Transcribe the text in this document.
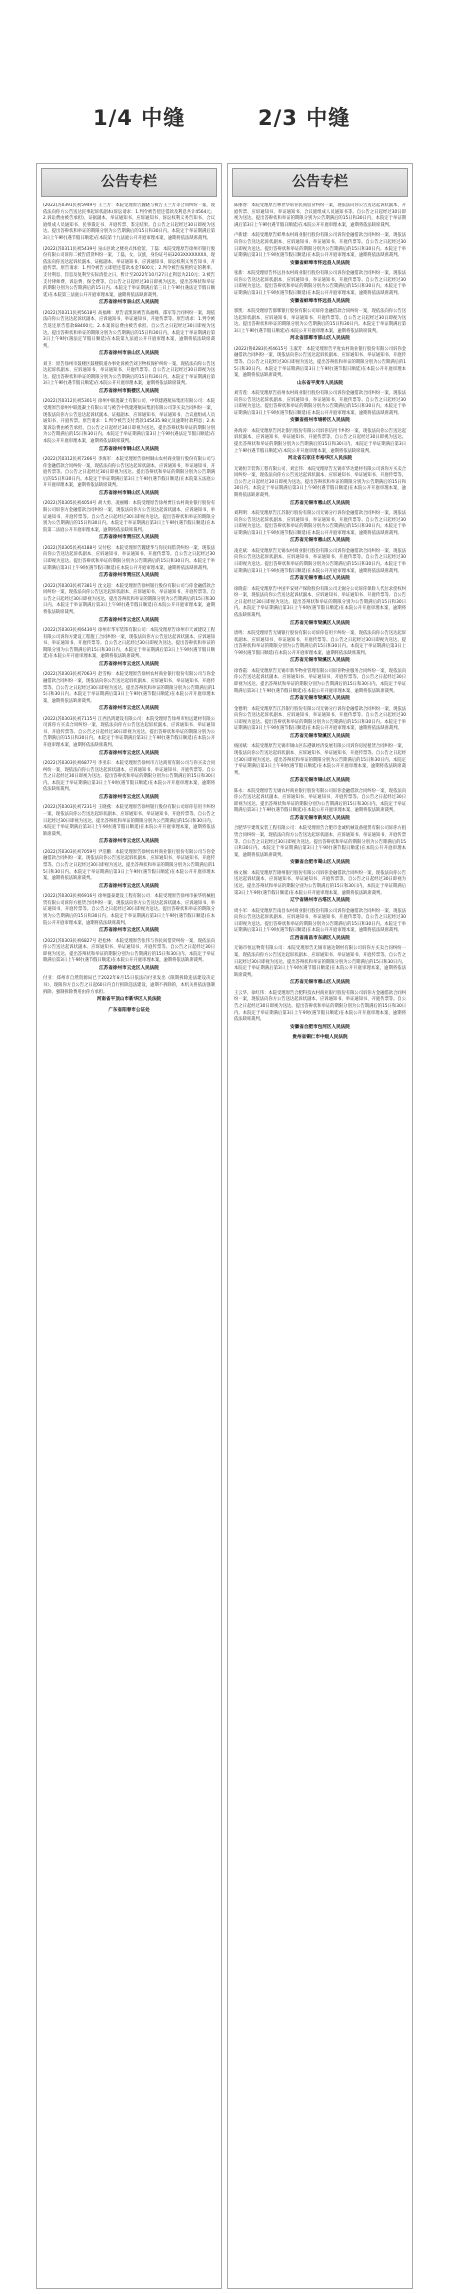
1/4 中缝	2/3 中缝
公告专栏

(2022)苏0391民初5949号 王兰芳：本院受理原告魏晓与被告王兰芳等合同纠纷一案，现依法向你方公告送达民事起诉状副本(诉讼请求：1.判令被告偿还借款及利息共计4564元；2.诉讼费由被告承担)、证据副本、举证通知书、应诉通知书、诉讼权利义务告知书、合议庭组成人员通知书、民事裁定书、开庭传票、鉴定结果。自公告之日起经过30日即视为送达。提出答辩状和举证的期限分别为公告期满后的15日和30日内。本院定于举证期满后第3日上午9时(遇节假日顺延)在本院第十九法庭公开开庭审理本案，逾期将依法缺席裁判。

(2022)苏0311民初5439号 泉山区欧之楼亮式体验馆、丁磊：本院受理原告徐州市银行股份有限公司诉你二被告借贷纠纷一案，丁磊，女，汉族，身份证号码3203XXXXXXXX，现依法向你送达起诉状副本、证据副本、举证通知书、应诉通知书、诉讼权利义务告知书、开庭传票。原告请求：1.判令被告立即偿还借款本金7600元；2.判令被告按照约定的利率、支付利息、罚息及复利至实际清偿之日，暂计至2022年10月27日止利息为210元；3.被告支付律师费、诉讼费、保全费等。自公告之日起经过30日即视为送达。提出答辩状和举证的期限分别为公告期满后的15日内。本院定于举证期满后第三日上午9时(遇法定节假日顺延)在本院第三法庭公开开庭审理本案，逾期将依法缺席裁判。

江苏省徐州市泉山区人民法院

(2022)苏0311民初5618号 高福峰：原告袁凯诉被告高福峰、邵军等合同纠纷一案，现依法向你公告送达起诉状副本、应诉通知书、举证通知书、开庭传票等。原告请求：1.判令被告返还原告借款68400元；2.本案诉讼费由被告承担。自公告之日起经过30日即视为送达。提出答辩状和举证的期限分别为公告期满后的15日和30日内。本院定于举证期满后第3日上午9时(遇法定节假日顺延)在本院第九法庭公开开庭审理本案，逾期将依法缺席裁判。

江苏省徐州市泉山区人民法院

刘卫：原告徐州市鼓楼区鼓楼街道办事处诉被告刘卫物权保护纠纷一案，现依法向你公告送达起诉状副本、应诉通知书、举证通知书、开庭传票等。自公告之日起经过30日即视为送达。提出答辩状和举证的期限分别为公告期满后的15日和30日内。本院定于举证期满后第3日上午9时(遇节假日顺延)在本院公开开庭审理本案，逾期将依法缺席裁判。

江苏省徐州市鼓楼区人民法院

(2022)苏0312民初5301号 徐州中联混凝土有限公司、中铁建港航局集团有限公司：本院受理原告徐州中联混凝土有限公司与被告中铁建港航局集团有限公司等买卖合同纠纷一案，现依法向你方公告送达起诉状副本、证据副本、应诉通知书、举证通知书、合议庭组成人员通知书、开庭传票。原告请求：1.判令被告支付货款145435.98元及逾期付款利息；2.本案诉讼费由被告承担。自公告之日起经过30日即视为送达。提出答辩状和举证的期限分别为公告期满后的15日和30日内。本院定于举证期满后第3日上午9时(遇法定节假日顺延)在本院公开开庭审理本案，逾期将依法缺席裁判。

江苏省徐州市铜山区人民法院

(2022)苏0312民初7266号 李海军：本院受理原告徐州铜山农村商业银行股份有限公司与你金融借款合同纠纷一案，现依法向你公告送达起诉状副本、应诉通知书、举证通知书、开庭传票等。自公告之日起经过30日即视为送达。提出答辩状和举证的期限分别为公告期满后的15日和30日内。本院定于举证期满后第3日上午9时(遇节假日顺延)在本院第五法庭公开开庭审理本案，逾期将依法缺席裁判。

江苏省徐州市铜山区人民法院

(2022)苏0305民初4054号 胡大勇、凌丽娜：本院受理原告徐州贾汪农村商业银行股份有限公司诉你方金融借款合同纠纷一案，现依法向你方公告送达起诉状副本、应诉通知书、举证通知书、开庭传票等。自公告之日起经过30日即视为送达。提出答辩状和举证的期限分别为公告期满后的15日和30日内。本院定于举证期满后第3日上午9时(遇节假日顺延)在本院第二法庭公开开庭审理本案，逾期将依法缺席裁判。

江苏省徐州市贾汪区人民法院

(2022)苏0305民初4188号 吴付松：本院受理原告魏建华与你民间借贷纠纷一案，现依法向你公告送达起诉状副本、应诉通知书、举证通知书、开庭传票等。自公告之日起经过30日即视为送达。提出答辩状和举证的期限分别为公告期满后的15日和30日内。本院定于举证期满后第3日上午9时(遇节假日顺延)在本院公开开庭审理本案，逾期将依法缺席裁判。

江苏省徐州市贾汪区人民法院

(2022)苏0303民初7381号 沈文超：本院受理原告徐州银行股份有限公司与你金融借款合同纠纷一案，现依法向你公告送达起诉状副本、应诉通知书、举证通知书、开庭传票等。自公告之日起经过30日即视为送达。提出答辩状和举证的期限分别为公告期满后的15日和30日内。本院定于举证期满后第3日上午9时(遇节假日顺延)在本院公开开庭审理本案，逾期将依法缺席裁判。

江苏省徐州市云龙区人民法院

(2022)苏0303民初6430号 徐州市华军装饰有限公司：本院受理原告徐州市天诚建设工程有限公司诉你方建设工程施工合同纠纷一案，现依法向你方公告送达起诉状副本、应诉通知书、举证通知书、开庭传票等。自公告之日起经过30日即视为送达。提出答辩状和举证的期限分别为公告期满后的15日和30日内。本院定于举证期满后第3日上午9时(遇节假日顺延)在本院公开开庭审理本案，逾期将依法缺席裁判。

江苏省徐州市云龙区人民法院

(2022)苏0303民初7063号 赵雪梅：本院受理原告徐州农村商业银行股份有限公司与你金融借款合同纠纷一案，现依法向你公告送达起诉状副本、应诉通知书、举证通知书、开庭传票等。自公告之日起经过30日即视为送达。提出答辩状和举证的期限分别为公告期满后的15日和30日内。本院定于举证期满后第3日上午9时(遇节假日顺延)在本院公开开庭审理本案，逾期将依法缺席裁判。

江苏省徐州市云龙区人民法院

(2022)苏0303民初7115号 江西昌鸿建设有限公司：本院受理原告徐州市恒远建材有限公司诉你方买卖合同纠纷一案，现依法向你方公告送达起诉状副本、应诉通知书、举证通知书、开庭传票等。自公告之日起经过30日即视为送达。提出答辩状和举证的期限分别为公告期满后的15日和30日内。本院定于举证期满后第3日上午9时(遇节假日顺延)在本院公开开庭审理本案，逾期将依法缺席裁判。

江苏省徐州市云龙区人民法院

(2022)苏0303民初6877号 李亚东：本院受理原告徐州市万达商贸有限公司与你买卖合同纠纷一案，现依法向你公告送达起诉状副本、应诉通知书、举证通知书、开庭传票等。自公告之日起经过30日即视为送达。提出答辩状和举证的期限分别为公告期满后的15日和30日内。本院定于举证期满后第3日上午9时(遇节假日顺延)在本院公开开庭审理本案，逾期将依法缺席裁判。

江苏省徐州市云龙区人民法院

(2022)苏0303民初7231号 王晓燕：本院受理原告徐州银行股份有限公司诉你信用卡纠纷一案，现依法向你公告送达起诉状副本、应诉通知书、举证通知书、开庭传票等。自公告之日起经过30日即视为送达。提出答辩状和举证的期限分别为公告期满后的15日和30日内。本院定于举证期满后第3日上午9时(遇节假日顺延)在本院公开开庭审理本案，逾期将依法缺席裁判。

江苏省徐州市云龙区人民法院

(2022)苏0303民初7059号 尹浩鹏：本院受理原告徐州农村商业银行股份有限公司与你金融借款合同纠纷一案，现依法向你公告送达起诉状副本、应诉通知书、举证通知书、开庭传票等。自公告之日起经过30日即视为送达。提出答辩状和举证的期限分别为公告期满后的15日和30日内。本院定于举证期满后第3日上午9时(遇节假日顺延)在本院公开开庭审理本案，逾期将依法缺席裁判。

江苏省徐州市云龙区人民法院

(2022)苏0303民初6916号 徐州盛泰建设工程有限公司：本院受理原告徐州市振华机械租赁有限公司诉你方租赁合同纠纷一案，现依法向你方公告送达起诉状副本、应诉通知书、举证通知书、开庭传票等。自公告之日起经过30日即视为送达。提出答辩状和举证的期限分别为公告期满后的15日和30日内。本院定于举证期满后第3日上午9时(遇节假日顺延)在本院公开开庭审理本案，逾期将依法缺席裁判。

江苏省徐州市云龙区人民法院

(2022)苏0303民初6827号 赵松林：本院受理原告张伟与你民间借贷纠纷一案，现依法向你公告送达起诉状副本、应诉通知书、举证通知书、开庭传票等。自公告之日起经过30日即视为送达。提出答辩状和举证的期限分别为公告期满后的15日和30日内。本院定于举证期满后第3日上午9时(遇节假日顺延)在本院公开开庭审理本案，逾期将依法缺席裁判。

江苏省徐州市云龙区人民法院

付亚：郑州市自然资源局已于2022年8月15日依法向付亚发出《限期拆除违法建设决定书》，现限你方自公告之日起60日内自行拆除违法建设，逾期不拆除的，本机关将依法强制拆除，强制拆除费用由你方承担。

河南省平顶山市新华区人民法院
广东省阳春市公证处
公告专栏

陈丽春：本院受理原告林世华诉你民间借贷纠纷一案，现依法向你公告送达起诉状副本、开庭传票、应诉通知书、举证通知书、合议庭组成人员通知书等。自公告之日起经过30日即视为送达。提出答辩状和举证的期限分别为公告期满后的15日和30日内。本院定于举证期满后第3日上午9时(遇节假日顺延)在本院公开开庭审理本案，逾期将依法缺席裁判。

卢新建：本院受理原告蚌埠农村商业银行股份有限公司诉你金融借款合同纠纷一案，现依法向你公告送达起诉状副本、应诉通知书、举证通知书、开庭传票等。自公告之日起经过30日即视为送达。提出答辩状和举证的期限分别为公告期满后的15日和30日内。本院定于举证期满后第3日上午9时(遇节假日顺延)在本院公开开庭审理本案，逾期将依法缺席裁判。

安徽省蚌埠市怀远县人民法院

张新：本院受理原告怀远县农村商业银行股份有限公司诉你金融借款合同纠纷一案，现依法向你公告送达起诉状副本、应诉通知书、举证通知书、开庭传票等。自公告之日起经过30日即视为送达。提出答辩状和举证的期限分别为公告期满后的15日和30日内。本院定于举证期满后第3日上午9时(遇节假日顺延)在本院公开开庭审理本案，逾期将依法缺席裁判。

安徽省蚌埠市怀远县人民法院

郭凯：本院受理原告邯郸银行股份有限公司诉你金融借款合同纠纷一案，现依法向你公告送达起诉状副本、应诉通知书、举证通知书、开庭传票等。自公告之日起经过30日即视为送达。提出答辩状和举证的期限分别为公告期满后的15日和30日内。本院定于举证期满后第3日上午9时(遇节假日顺延)在本院公开开庭审理本案，逾期将依法缺席裁判。

河北省邯郸市邯山区人民法院

(2022)鲁0283民初4615号 王淑芳：本院受理原告平度农村商业银行股份有限公司诉你金融借款合同纠纷一案，现依法向你公告送达起诉状副本、应诉通知书、举证通知书、开庭传票等。自公告之日起经过30日即视为送达。提出答辩状和举证的期限分别为公告期满后的15日和30日内。本院定于举证期满后第3日上午9时(遇节假日顺延)在本院公开开庭审理本案，逾期将依法缺席裁判。

山东省平度市人民法院

刘雪莲：本院受理原告宿州农村商业银行股份有限公司诉你金融借款合同纠纷一案，现依法向你公告送达起诉状副本、应诉通知书、举证通知书、开庭传票等。自公告之日起经过30日即视为送达。提出答辩状和举证的期限分别为公告期满后的15日和30日内。本院定于举证期满后第3日上午9时(遇节假日顺延)在本院公开开庭审理本案，逾期将依法缺席裁判。

安徽省宿州市埇桥区人民法院

孙海涛：本院受理原告河北银行股份有限公司诉你信用卡纠纷一案，现依法向你公告送达起诉状副本、应诉通知书、举证通知书、开庭传票等。自公告之日起经过30日即视为送达。提出答辩状和举证的期限分别为公告期满后的15日和30日内。本院定于举证期满后第3日上午9时(遇节假日顺延)在本院公开开庭审理本案，逾期将依法缺席裁判。

河北省石家庄市裕华区人民法院

无锡恒丰装饰工程有限公司、刘宏伟：本院受理原告无锡市华达建材有限公司诉你方买卖合同纠纷一案，现依法向你方公告送达起诉状副本、应诉通知书、举证通知书、开庭传票等。自公告之日起经过30日即视为送达。提出答辩状和举证的期限分别为公告期满后的15日和30日内。本院定于举证期满后第3日上午9时(遇节假日顺延)在本院公开开庭审理本案，逾期将依法缺席裁判。

江苏省无锡市惠山区人民法院

刘利明：本院受理原告江苏银行股份有限公司无锡分行诉你金融借款合同纠纷一案，现依法向你公告送达起诉状副本、应诉通知书、举证通知书、开庭传票等。自公告之日起经过30日即视为送达。提出答辩状和举证的期限分别为公告期满后的15日和30日内。本院定于举证期满后第3日上午9时(遇节假日顺延)在本院公开开庭审理本案，逾期将依法缺席裁判。

江苏省无锡市惠山区人民法院

凌克斌：本院受理原告无锡农村商业银行股份有限公司诉你金融借款合同纠纷一案，现依法向你公告送达起诉状副本、应诉通知书、举证通知书、开庭传票等。自公告之日起经过30日即视为送达。提出答辩状和举证的期限分别为公告期满后的15日和30日内。本院定于举证期满后第3日上午9时(遇节假日顺延)在本院公开开庭审理本案，逾期将依法缺席裁判。

江苏省无锡市惠山区人民法院

徐晓雷：本院受理原告中国平安财产保险股份有限公司无锡分公司诉你保险人代位求偿权纠纷一案，现依法向你公告送达起诉状副本、应诉通知书、举证通知书、开庭传票等。自公告之日起经过30日即视为送达。提出答辩状和举证的期限分别为公告期满后的15日和30日内。本院定于举证期满后第3日上午9时(遇节假日顺延)在本院公开开庭审理本案，逾期将依法缺席裁判。

江苏省无锡市梁溪区人民法院

唐鸣：本院受理原告无锡银行股份有限公司诉你信用卡纠纷一案，现依法向你公告送达起诉状副本、应诉通知书、举证通知书、开庭传票等。自公告之日起经过30日即视为送达。提出答辩状和举证的期限分别为公告期满后的15日和30日内。本院定于举证期满后第3日上午9时(遇节假日顺延)在本院公开开庭审理本案，逾期将依法缺席裁判。

江苏省无锡市梁溪区人民法院

徐春霞：本院受理原告无锡市新华物业管理有限公司诉你物业服务合同纠纷一案，现依法向你公告送达起诉状副本、应诉通知书、举证通知书、开庭传票等。自公告之日起经过30日即视为送达。提出答辩状和举证的期限分别为公告期满后的15日和30日内。本院定于举证期满后第3日上午9时(遇节假日顺延)在本院公开开庭审理本案，逾期将依法缺席裁判。

江苏省无锡市梁溪区人民法院

金德明：本院受理原告江苏银行股份有限公司无锡分行诉你金融借款合同纠纷一案，现依法向你公告送达起诉状副本、应诉通知书、举证通知书、开庭传票等。自公告之日起经过30日即视为送达。提出答辩状和举证的期限分别为公告期满后的15日和30日内。本院定于举证期满后第3日上午9时(遇节假日顺延)在本院公开开庭审理本案，逾期将依法缺席裁判。

江苏省无锡市梁溪区人民法院

杨国斌：本院受理原告无锡市锡山区东港镇经济发展有限公司诉你房屋租赁合同纠纷一案，现依法向你公告送达起诉状副本、应诉通知书、举证通知书、开庭传票等。自公告之日起经过30日即视为送达。提出答辩状和举证的期限分别为公告期满后的15日和30日内。本院定于举证期满后第3日上午9时(遇节假日顺延)在本院公开开庭审理本案，逾期将依法缺席裁判。

江苏省无锡市锡山区人民法院

陈永：本院受理原告无锡农村商业银行股份有限公司诉你金融借款合同纠纷一案，现依法向你公告送达起诉状副本、应诉通知书、举证通知书、开庭传票等。自公告之日起经过30日即视为送达。提出答辩状和举证的期限分别为公告期满后的15日和30日内。本院定于举证期满后第3日上午9时(遇节假日顺延)在本院公开开庭审理本案，逾期将依法缺席裁判。

江苏省无锡市新吴区人民法院

合肥华宇建筑安装工程有限公司：本院受理原告合肥市金诚机械设备租赁有限公司诉你方租赁合同纠纷一案，现依法向你方公告送达起诉状副本、应诉通知书、举证通知书、开庭传票等。自公告之日起经过30日即视为送达。提出答辩状和举证的期限分别为公告期满后的15日和30日内。本院定于举证期满后第3日上午9时(遇节假日顺延)在本院公开开庭审理本案，逾期将依法缺席裁判。

安徽省合肥市蜀山区人民法院

杨文阁：本院受理原告锦州银行股份有限公司诉你金融借款合同纠纷一案，现依法向你公告送达起诉状副本、应诉通知书、举证通知书、开庭传票等。自公告之日起经过30日即视为送达。提出答辩状和举证的期限分别为公告期满后的15日和30日内。本院定于举证期满后第3日上午9时(遇节假日顺延)在本院公开开庭审理本案，逾期将依法缺席裁判。

辽宁省锦州市古塔区人民法院

周小军：本院受理原告南昌农村商业银行股份有限公司诉你金融借款合同纠纷一案，现依法向你公告送达起诉状副本、应诉通知书、举证通知书、开庭传票等。自公告之日起经过30日即视为送达。提出答辩状和举证的期限分别为公告期满后的15日和30日内。本院定于举证期满后第3日上午9时(遇节假日顺延)在本院公开开庭审理本案，逾期将依法缺席裁判。

江西省南昌市东湖区人民法院

无锡市恒远物资有限公司：本院受理原告无锡市通达钢材有限公司诉你方买卖合同纠纷一案，现依法向你方公告送达起诉状副本、应诉通知书、举证通知书、开庭传票等。自公告之日起经过30日即视为送达。提出答辩状和举证的期限分别为公告期满后的15日和30日内。本院定于举证期满后第3日上午9时(遇节假日顺延)在本院公开开庭审理本案，逾期将依法缺席裁判。

江苏省无锡市惠山区人民法院

王云华、徐红伟：本院受理原告合肥科技农村商业银行股份有限公司诉你方金融借款合同纠纷一案，现依法向你方公告送达起诉状副本、应诉通知书、举证通知书、开庭传票等。自公告之日起经过30日即视为送达。提出答辩状和举证的期限分别为公告期满后的15日和30日内。本院定于举证期满后第3日上午9时(遇节假日顺延)在本院公开开庭审理本案，逾期将依法缺席裁判。

安徽省合肥市包河区人民法院
贵州省铜仁市中级人民法院
